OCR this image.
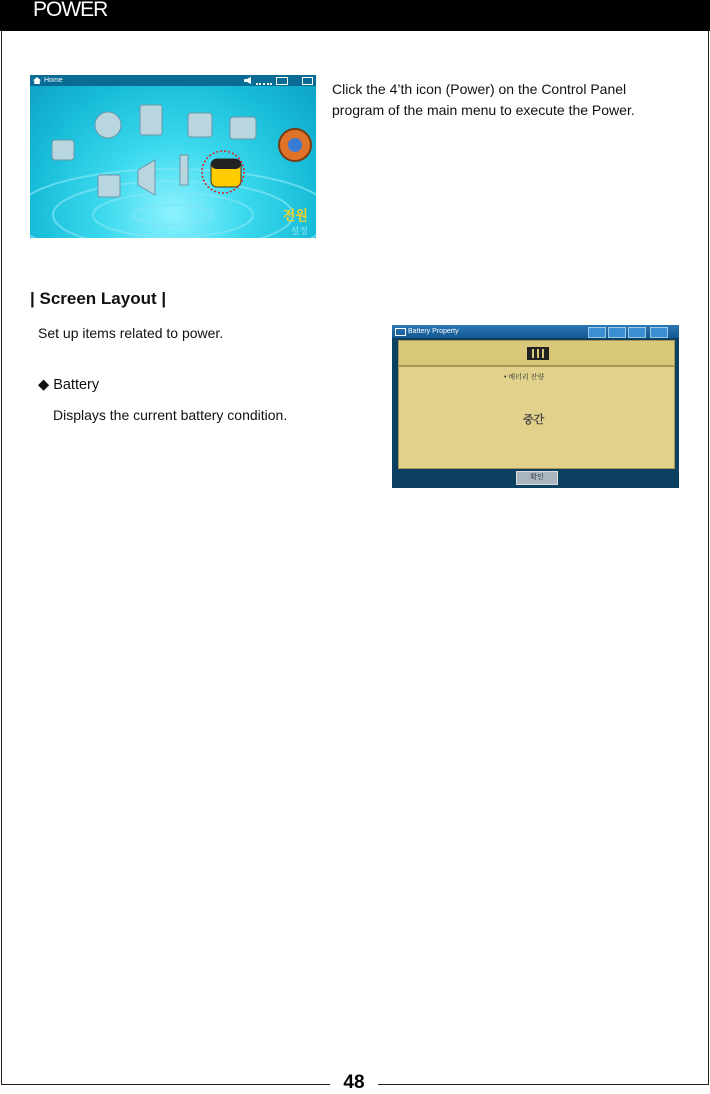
POWER
Home
전원
설정
Click the 4’th icon (Power) on the Control Panel program of the main menu to execute the Power.
| Screen Layout |
Set up items related to power.
◆ Battery
Displays the current battery condition.
Battery Property
• 배터리 잔량
중간
확인
48
